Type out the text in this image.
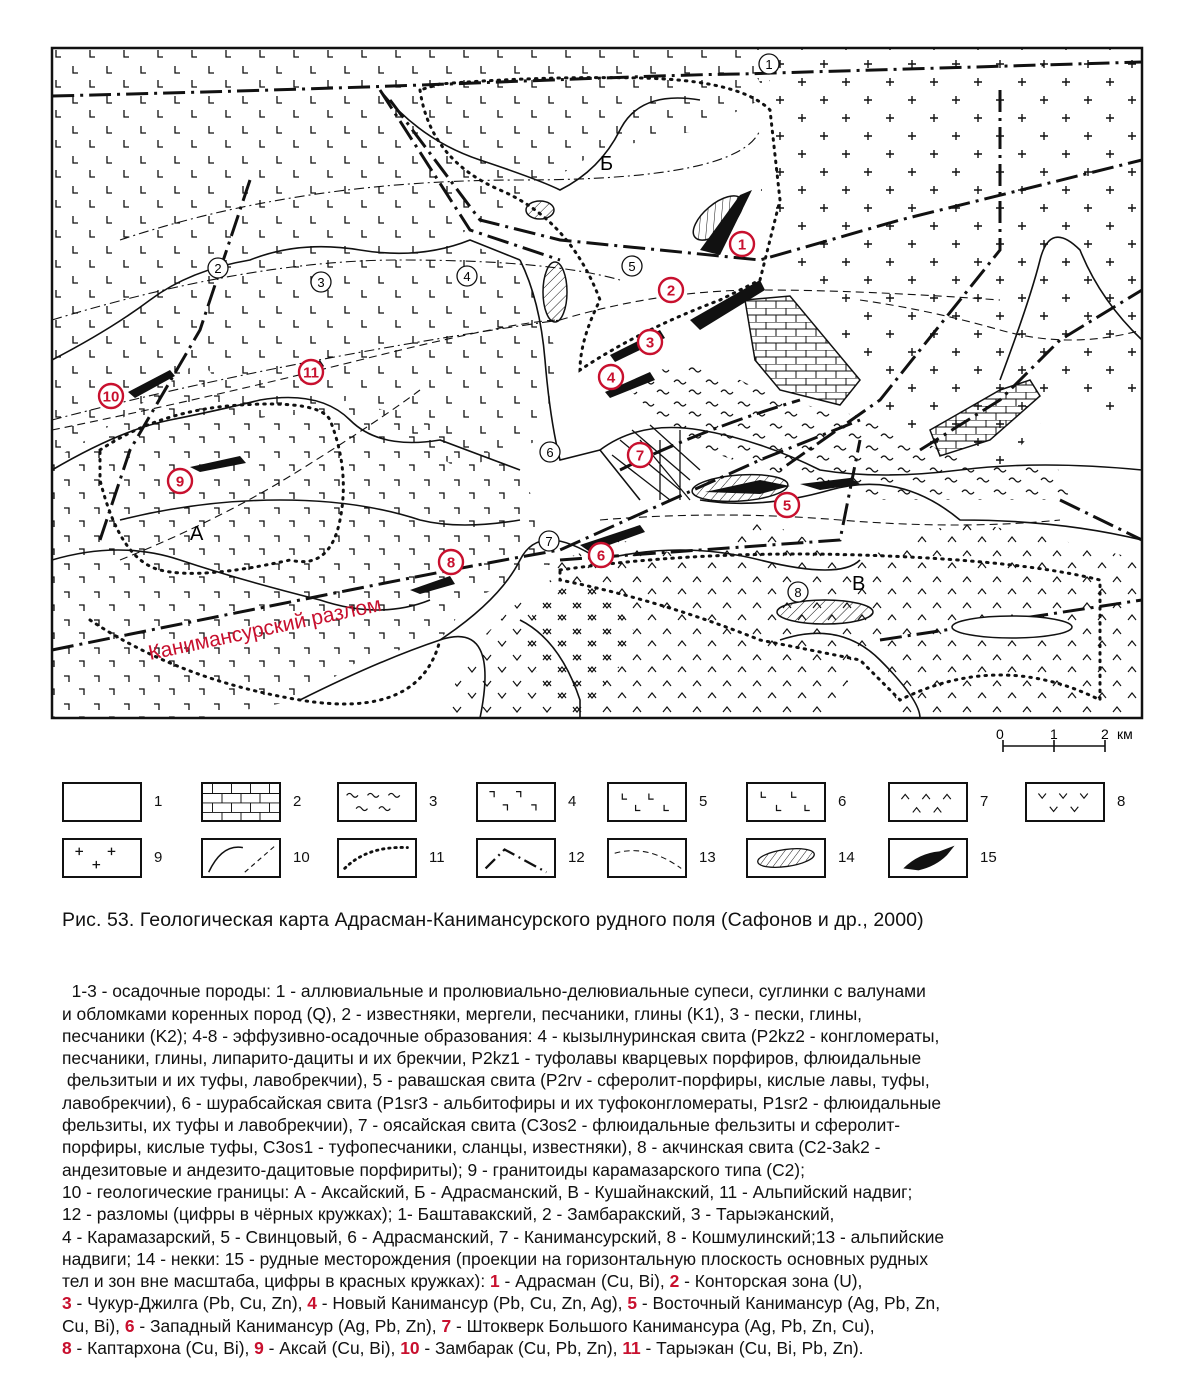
А
Б
В
1
2
3	4
5
6
7
8
1
2
3
4
5
6
7
8
9
10
11
0	1	2 км
Канимансурский разлом
1	2	3	4	5	6	7	8
9	10	11	12	13	14	15
Рис. 53. Геологическая карта Адрасман-Канимансурского рудного поля (Сафонов и др., 2000)

1-3 - осадочные породы: 1 - аллювиальные и пролювиально-делювиальные супеси, суглинки с валунами
и обломками коренных пород (Q), 2 - известняки, мергели, песчаники, глины (K1), 3 - пески, глины,
песчаники (K2); 4-8 - эффузивно-осадочные образования: 4 - кызылнуринская свита (P2kz2 - конгломераты,
песчаники, глины, липарито-дациты и их брекчии, P2kz1 - туфолавы кварцевых порфиров, флюидальные
фельзитыи и их туфы, лавобрекчии), 5 - равашская свита (P2rv - сферолит-порфиры, кислые лавы, туфы,
лавобрекчии), 6 - шурабсайская свита (P1sr3 - альбитофиры и их туфоконгломераты, P1sr2 - флюидальные
фельзиты, их туфы и лавобрекчии), 7 - оясайская свита (C3os2 - флюидальные фельзиты и сферолит-
порфиры, кислые туфы, C3os1 - туфопесчаники, сланцы, известняки), 8 - акчинская свита (C2-3ak2 -
андезитовые и андезито-дацитовые порфириты); 9 - гранитоиды карамазарского типа (C2);
10 - геологические границы: А - Аксайский, Б - Адрасманский, В - Кушайнакский, 11 - Альпийский надвиг;
12 - разломы (цифры в чёрных кружках); 1- Баштавакский, 2 - Замбаракский, 3 - Тарыэканский,
4 - Карамазарский, 5 - Свинцовый, 6 - Адрасманский, 7 - Канимансурский, 8 - Кошмулинский;13 - альпийские
надвиги; 14 - некки: 15 - рудные месторождения (проекции на горизонтальную плоскость основных рудных
тел и зон вне масштаба, цифры в красных кружках): 1 - Адрасман (Cu, Bi), 2 - Конторская зона (U),
3 - Чукур-Джилга (Pb, Cu, Zn), 4 - Новый Канимансур (Pb, Cu, Zn, Ag), 5 - Восточный Канимансур (Ag, Pb, Zn,
Cu, Bi), 6 - Западный Канимансур (Ag, Pb, Zn), 7 - Штокверк Большого Канимансура (Ag, Pb, Zn, Cu),
8 - Каптархона (Cu, Bi), 9 - Аксай (Cu, Bi), 10 - Замбарак (Cu, Pb, Zn), 11 - Тарыэкан (Cu, Bi, Pb, Zn).
